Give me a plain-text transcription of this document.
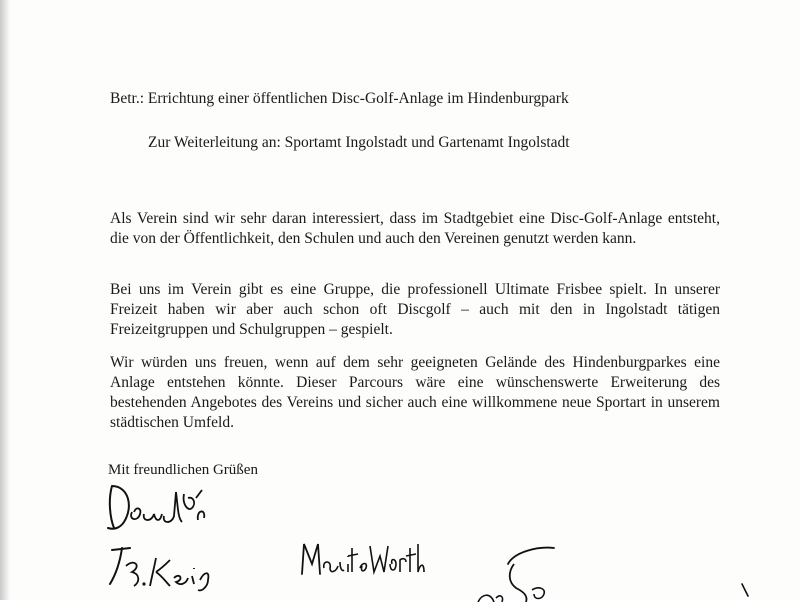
Betr.: Errichtung einer öffentlichen Disc-Golf-Anlage im Hindenburgpark
Zur Weiterleitung an: Sportamt Ingolstadt und Gartenamt Ingolstadt

Als Verein sind wir sehr daran interessiert, dass im Stadtgebiet eine Disc-Golf-Anlage entsteht, die von der Öffentlichkeit, den Schulen und auch den Vereinen genutzt werden kann.

Bei uns im Verein gibt es eine Gruppe, die professionell Ultimate Frisbee spielt. In unserer Freizeit haben wir aber auch schon oft Discgolf – auch mit den in Ingolstadt tätigen Freizeitgruppen und Schulgruppen – gespielt.

Wir würden uns freuen, wenn auf dem sehr geeigneten Gelände des Hindenburgparkes eine Anlage entstehen könnte. Dieser Parcours wäre eine wünschenswerte Erweiterung des bestehenden Angebotes des Vereins und sicher auch eine willkommene neue Sportart in unserem städtischen Umfeld.

Mit freundlichen Grüßen
